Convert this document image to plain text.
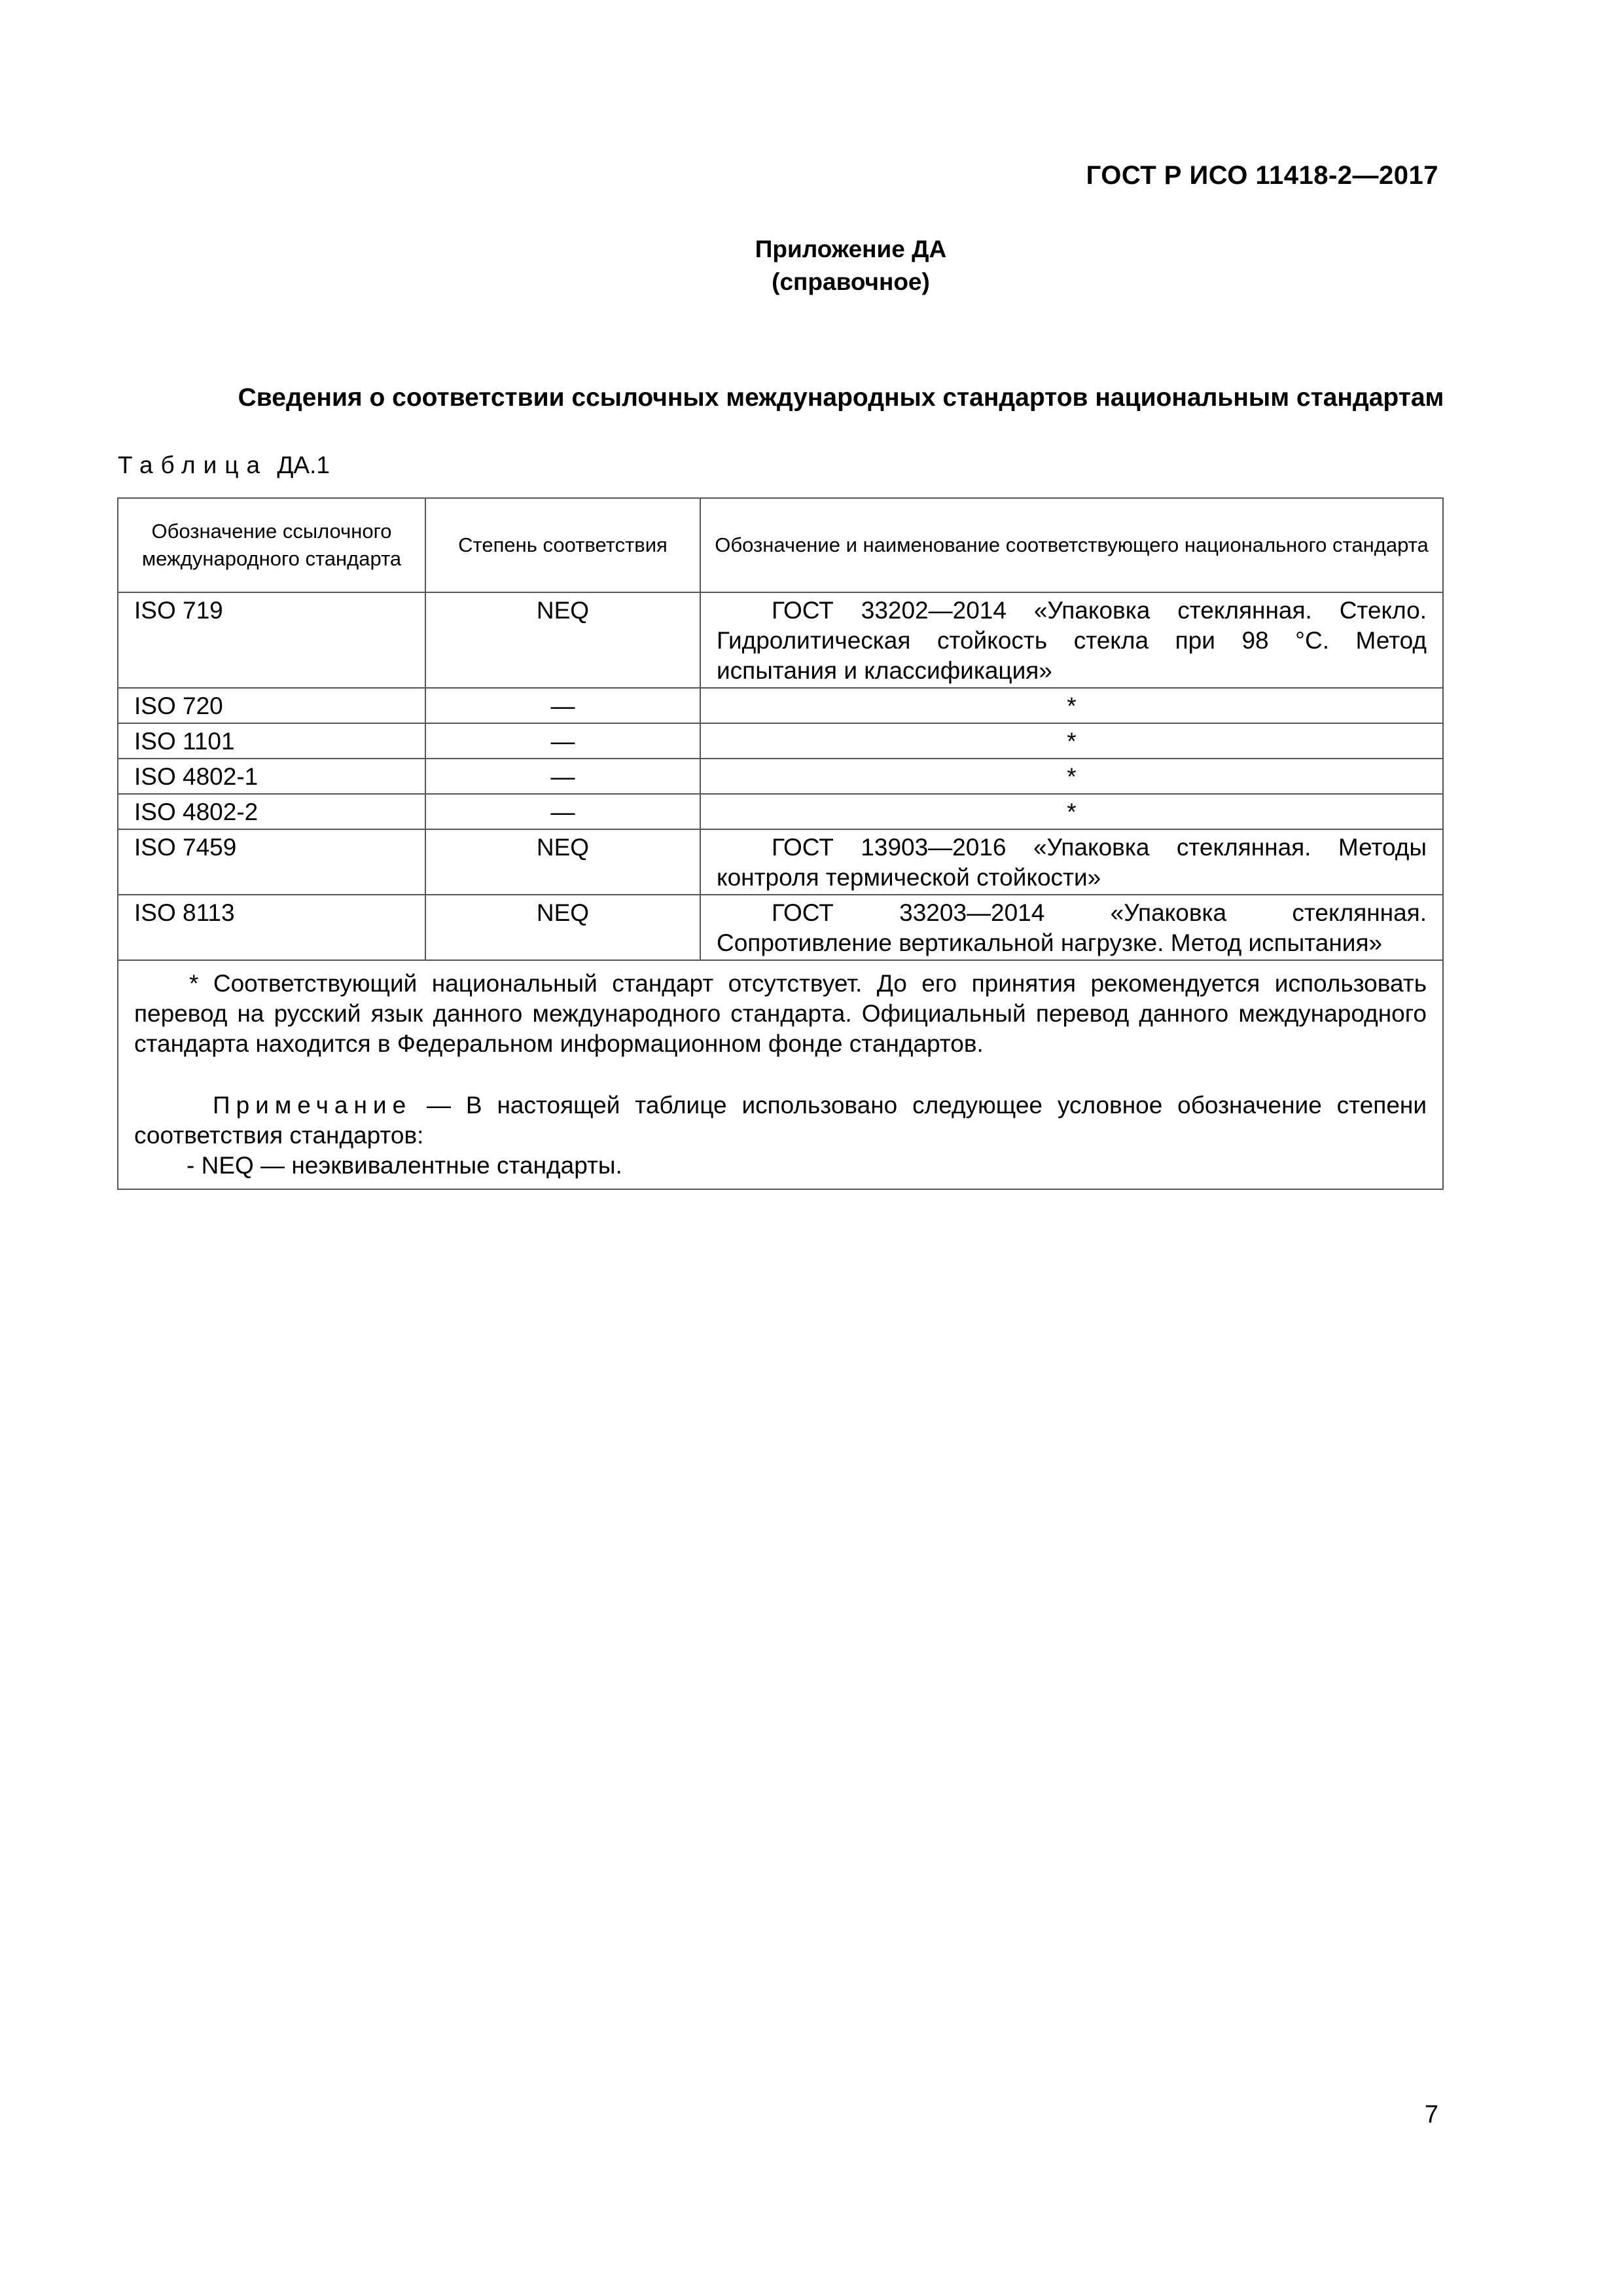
ГОСТ Р ИСО 11418-2—2017
Приложение ДА
(справочное)
Сведения о соответствии ссылочных международных стандартов национальным стандартам
Таблица ДА.1
Обозначение ссылочного международного стандарта	Степень соответствия	Обозначение и наименование соответствующего национального стандарта
ISO 719	NEQ	ГОСТ 33202—2014 «Упаковка стеклянная. Стекло. Гидролитическая стойкость стекла при 98 °С. Метод испытания и классификация»
ISO 720	—	*
ISO 1101	—	*
ISO 4802-1	—	*
ISO 4802-2	—	*
ISO 7459	NEQ	ГОСТ 13903—2016 «Упаковка стеклянная. Методы контроля термической стойкости»
ISO 8113	NEQ	ГОСТ 33203—2014 «Упаковка стеклянная. Сопротивление вертикальной нагрузке. Метод испытания»

* Соответствующий национальный стандарт отсутствует. До его принятия рекомендуется использовать перевод на русский язык данного международного стандарта. Официальный перевод данного международного стандарта находится в Федеральном информационном фонде стандартов.

Примечание — В настоящей таблице использовано следующее условное обозначение степени соответствия стандартов:

- NEQ — неэквивалентные стандарты.		

7
